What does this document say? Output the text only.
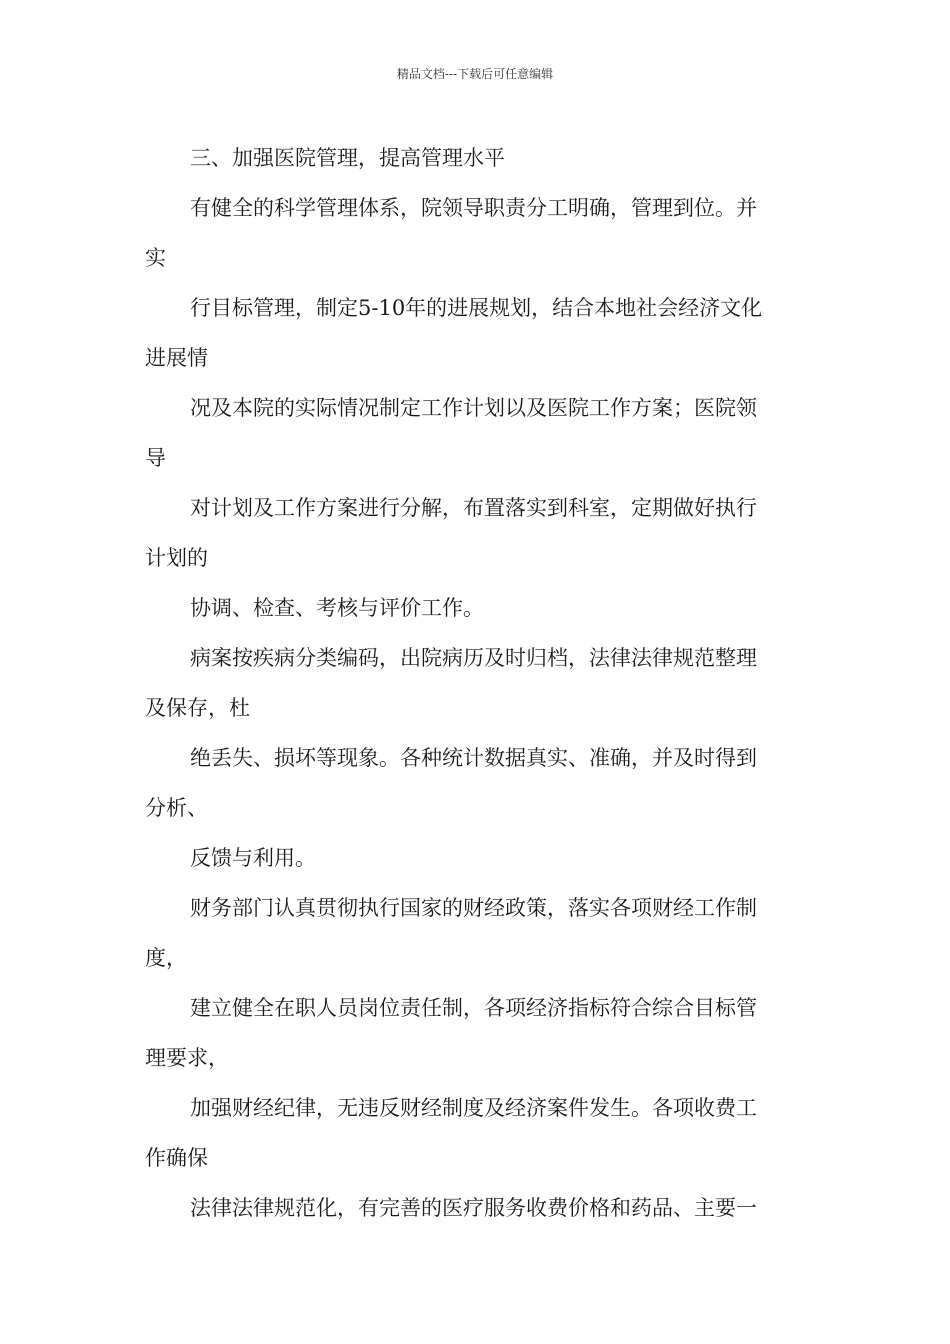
精品文档---下载后可任意编辑
三、加强医院管理，提高管理水平
有健全的科学管理体系，院领导职责分工明确，管理到位。并
实
行目标管理，制定5-10年的进展规划，结合本地社会经济文化
进展情
况及本院的实际情况制定工作计划以及医院工作方案；医院领
导
对计划及工作方案进行分解，布置落实到科室，定期做好执行
计划的
协调、检查、考核与评价工作。
病案按疾病分类编码，出院病历及时归档，法律法律规范整理
及保存，杜
绝丢失、损坏等现象。各种统计数据真实、准确，并及时得到
分析、
反馈与利用。
财务部门认真贯彻执行国家的财经政策，落实各项财经工作制
度，
建立健全在职人员岗位责任制，各项经济指标符合综合目标管
理要求，
加强财经纪律，无违反财经制度及经济案件发生。各项收费工
作确保
法律法律规范化，有完善的医疗服务收费价格和药品、主要一
